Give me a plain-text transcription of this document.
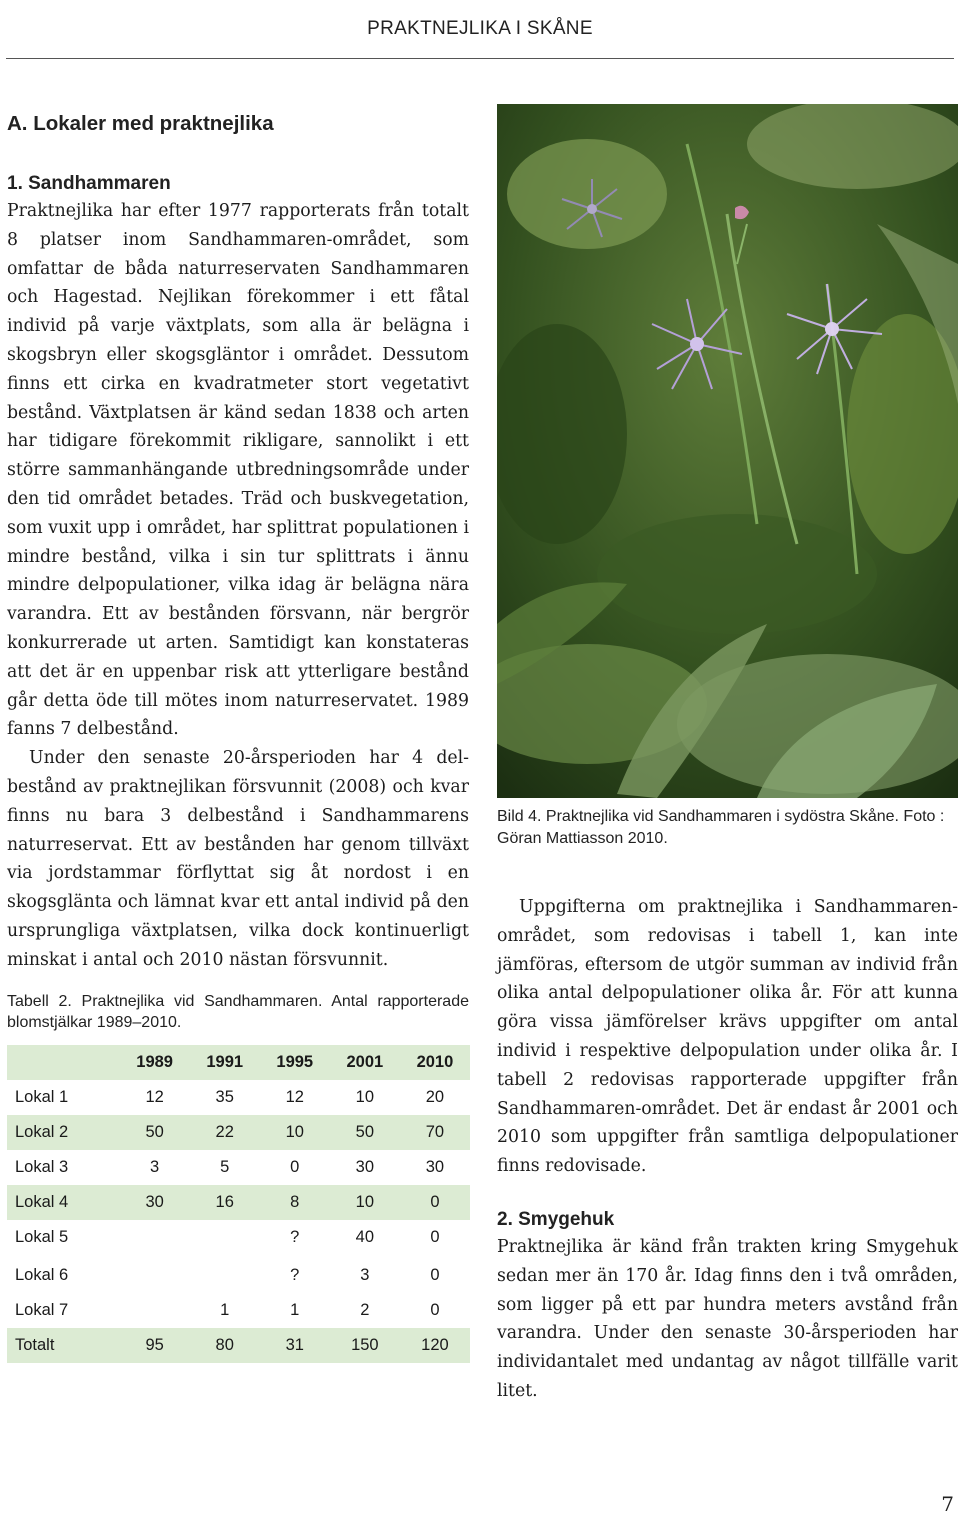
PRAKTNEJLIKA I SKÅNE
A. Lokaler med praktnejlika
1. Sandhammaren

Praktnejlika har efter 1977 rapporterats från totalt 8 platser inom Sandhammaren-området, som omfattar de båda naturreservaten Sandhammaren och Hagestad. Nejlikan förekommer i ett fåtal individ på varje växtplats, som alla är belägna i skogsbryn eller skogsgläntor i området. Dessutom finns ett cirka en kvadratmeter stort vegetativt bestånd. Växtplatsen är känd sedan 1838 och arten har tidigare förekommit rikligare, sannolikt i ett större sammanhängande utbredningsområde under den tid området betades. Träd och buskvegetation, som vuxit upp i området, har splittrat populationen i mindre bestånd, vilka i sin tur splittrats i ännu mindre delpopulationer, vilka idag är belägna nära varandra. Ett av bestånden försvann, när bergrör konkurrerade ut arten. Samtidigt kan konstateras att det är en uppenbar risk att ytterligare bestånd går detta öde till mötes inom naturreservatet. 1989 fanns 7 delbestånd.

Under den senaste 20-årsperioden har 4 delbestånd av praktnejlikan försvunnit (2008) och kvar finns nu bara 3 delbestånd i Sandhammarens naturreservat. Ett av bestånden har genom tillväxt via jordstammar förflyttat sig åt nordost i en skogsglänta och lämnat kvar ett antal individ på den ursprungliga växtplatsen, vilka dock kontinuerligt minskat i antal och 2010 nästan försvunnit.

Tabell 2. Praktnejlika vid Sandhammaren. Antal rapporterade blomstjälkar 1989–2010.

	1989	1991	1995	2001	2010
Lokal 1	12	35	12	10	20
Lokal 2	50	22	10	50	70
Lokal 3	3	5	0	30	30
Lokal 4	30	16	8	10	0
Lokal 5			?	40	0
Lokal 6			?	3	0
Lokal 7		1	1	2	0
Totalt	95	80	31	150	120
Bild 4. Praktnejlika vid Sandhammaren i sydöstra Skåne. Foto : Göran Mattiasson 2010.

Uppgifterna om praktnejlika i Sandhammaren-området, som redovisas i tabell 1, kan inte jämföras, eftersom de utgör summan av individ från olika antal delpopulationer olika år. För att kunna göra vissa jämförelser krävs uppgifter om antal individ i respektive delpopulation under olika år. I tabell 2 redovisas rapporterade uppgifter från Sandhammaren-området. Det är endast år 2001 och 2010 som uppgifter från samtliga delpopulationer finns redovisade.

2. Smygehuk

Praktnejlika är känd från trakten kring Smygehuk sedan mer än 170 år. Idag finns den i två områden, som ligger på ett par hundra meters avstånd från varandra. Under den senaste 30-årsperioden har individantalet med undantag av något tillfälle varit litet.

7
